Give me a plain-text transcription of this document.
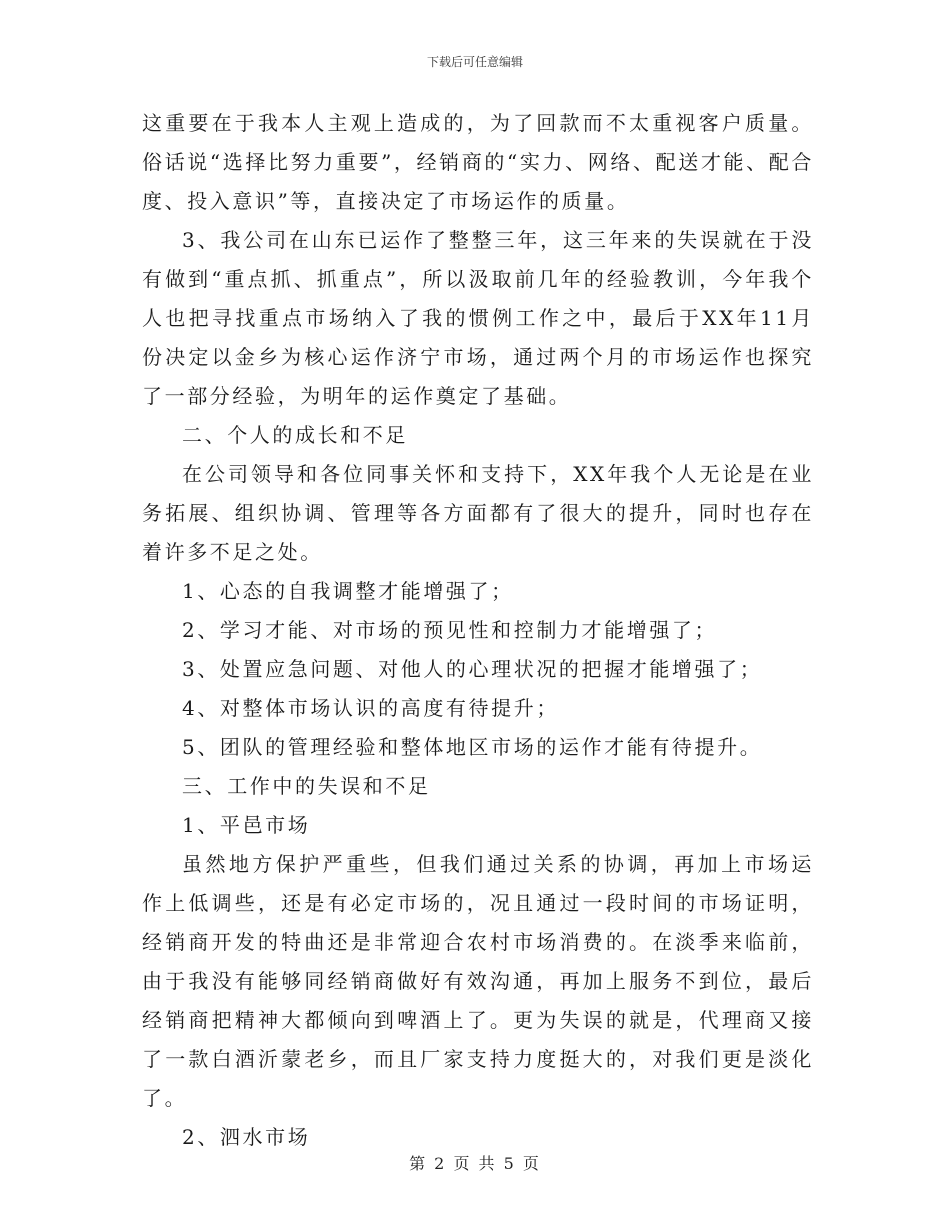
下载后可任意编辑

这重要在于我本人主观上造成的，为了回款而不太重视客户质量。俗话说“选择比努力重要”，经销商的“实力、网络、配送才能、配合度、投入意识”等，直接决定了市场运作的质量。

3、我公司在山东已运作了整整三年，这三年来的失误就在于没有做到“重点抓、抓重点”，所以汲取前几年的经验教训，今年我个人也把寻找重点市场纳入了我的惯例工作之中，最后于XX年11月份决定以金乡为核心运作济宁市场，通过两个月的市场运作也探究了一部分经验，为明年的运作奠定了基础。

二、个人的成长和不足

在公司领导和各位同事关怀和支持下，XX年我个人无论是在业务拓展、组织协调、管理等各方面都有了很大的提升，同时也存在着许多不足之处。

1、心态的自我调整才能增强了；

2、学习才能、对市场的预见性和控制力才能增强了；

3、处置应急问题、对他人的心理状况的把握才能增强了；

4、对整体市场认识的高度有待提升；

5、团队的管理经验和整体地区市场的运作才能有待提升。

三、工作中的失误和不足

1、平邑市场

虽然地方保护严重些，但我们通过关系的协调，再加上市场运作上低调些，还是有必定市场的，况且通过一段时间的市场证明，经销商开发的特曲还是非常迎合农村市场消费的。在淡季来临前，由于我没有能够同经销商做好有效沟通，再加上服务不到位，最后经销商把精神大都倾向到啤酒上了。更为失误的就是，代理商又接了一款白酒沂蒙老乡，而且厂家支持力度挺大的，对我们更是淡化了。

2、泗水市场

第 2 页 共 5 页
